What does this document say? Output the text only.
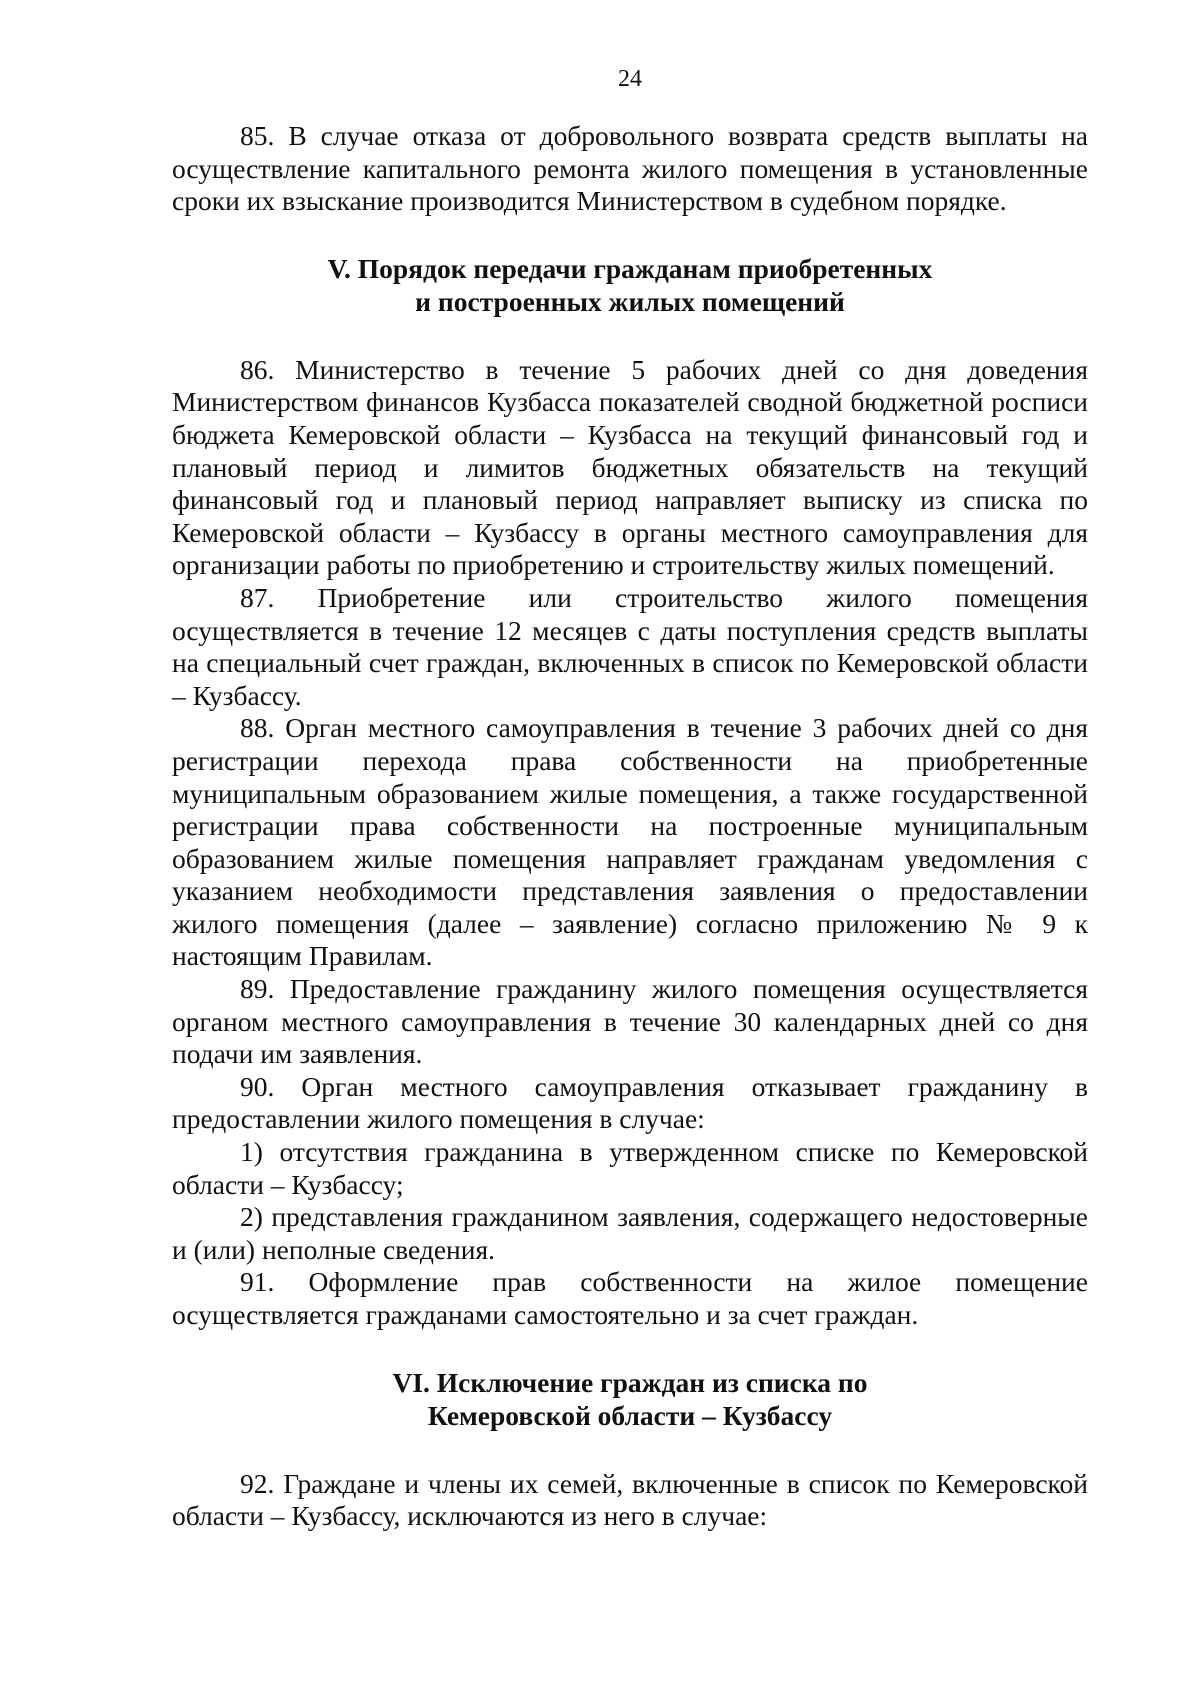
24

85. В случае отказа от добровольного возврата средств выплаты на осуществление капитального ремонта жилого помещения в установленные сроки их взыскание производится Министерством в судебном порядке.

V. Порядок передачи гражданам приобретенных
и построенных жилых помещений

86. Министерство в течение 5 рабочих дней со дня доведения Министерством финансов Кузбасса показателей сводной бюджетной росписи бюджета Кемеровской области – Кузбасса на текущий финансовый год и плановый период и лимитов бюджетных обязательств на текущий финансовый год и плановый период направляет выписку из списка по Кемеровской области – Кузбассу в органы местного самоуправления для организации работы по приобретению и строительству жилых помещений.

87. Приобретение или строительство жилого помещения осуществляется в течение 12 месяцев с даты поступления средств выплаты на специальный счет граждан, включенных в список по Кемеровской области – Кузбассу.

88. Орган местного самоуправления в течение 3 рабочих дней со дня регистрации перехода права собственности на приобретенные муниципальным образованием жилые помещения, а также государственной регистрации права собственности на построенные муниципальным образованием жилые помещения направляет гражданам уведомления с указанием необходимости представления заявления о предоставлении жилого помещения (далее – заявление) согласно приложению № 9 к настоящим Правилам.

89. Предоставление гражданину жилого помещения осуществляется органом местного самоуправления в течение 30 календарных дней со дня подачи им заявления.

90. Орган местного самоуправления отказывает гражданину в предоставлении жилого помещения в случае:

1) отсутствия гражданина в утвержденном списке по Кемеровской области – Кузбассу;

2) представления гражданином заявления, содержащего недостоверные и (или) неполные сведения.

91. Оформление прав собственности на жилое помещение осуществляется гражданами самостоятельно и за счет граждан.

VI. Исключение граждан из списка по
Кемеровской области – Кузбассу

92. Граждане и члены их семей, включенные в список по Кемеровской области – Кузбассу, исключаются из него в случае:
